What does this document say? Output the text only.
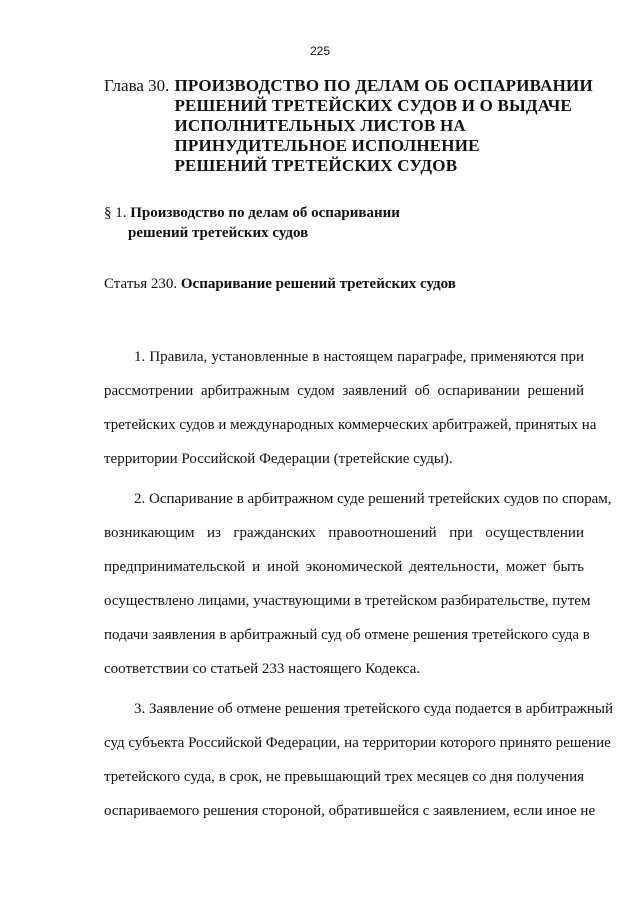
225
Глава 30. ПРОИЗВОДСТВО ПО ДЕЛАМ ОБ ОСПАРИВАНИИ
РЕШЕНИЙ ТРЕТЕЙСКИХ СУДОВ И О ВЫДАЧЕ
ИСПОЛНИТЕЛЬНЫХ ЛИСТОВ НА
ПРИНУДИТЕЛЬНОЕ ИСПОЛНЕНИЕ
РЕШЕНИЙ ТРЕТЕЙСКИХ СУДОВ
§ 1. Производство по делам об оспаривании
решений третейских судов
Статья 230. Оспаривание решений третейских судов
1. Правила, установленные в настоящем параграфе, применяются при
рассмотрении арбитражным судом заявлений об оспаривании решений
третейских судов и международных коммерческих арбитражей, принятых на
территории Российской Федерации (третейские суды).
2. Оспаривание в арбитражном суде решений третейских судов по спорам,
возникающим из гражданских правоотношений при осуществлении
предпринимательской и иной экономической деятельности, может быть
осуществлено лицами, участвующими в третейском разбирательстве, путем
подачи заявления в арбитражный суд об отмене решения третейского суда в
соответствии со статьей 233 настоящего Кодекса.
3. Заявление об отмене решения третейского суда подается в арбитражный
суд субъекта Российской Федерации, на территории которого принято решение
третейского суда, в срок, не превышающий трех месяцев со дня получения
оспариваемого решения стороной, обратившейся с заявлением, если иное не
